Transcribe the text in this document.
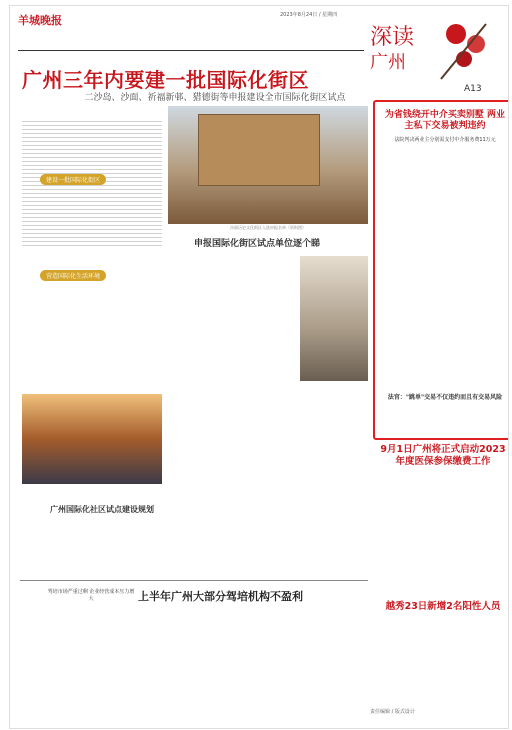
羊城晚报	2023年8月24日 / 星期四
深读
广州
A13
广州三年内要建一批国际化街区
二沙岛、沙面、祈福新邨、猎德街等申报建设全市国际化街区试点
建设一批国际化街区
营造国际化生活环境
沙面历史文化街区入选申报名单（资料图）
申报国际化街区试点单位逐个睇
广州国际化社区试点建设规划
驾培市场严重过剩 企业经营成本压力增大	上半年广州大部分驾培机构不盈利
为省钱绕开中介买卖别墅 两业主私下交易被判违约
法院判决两业主分别需支付中介服务费11万元
法官："跳单"交易不仅违约而且有交易风险
9月1日广州将正式启动2023年度医保参保缴费工作
越秀23日新增2名阳性人员
责任编辑 / 版式设计
